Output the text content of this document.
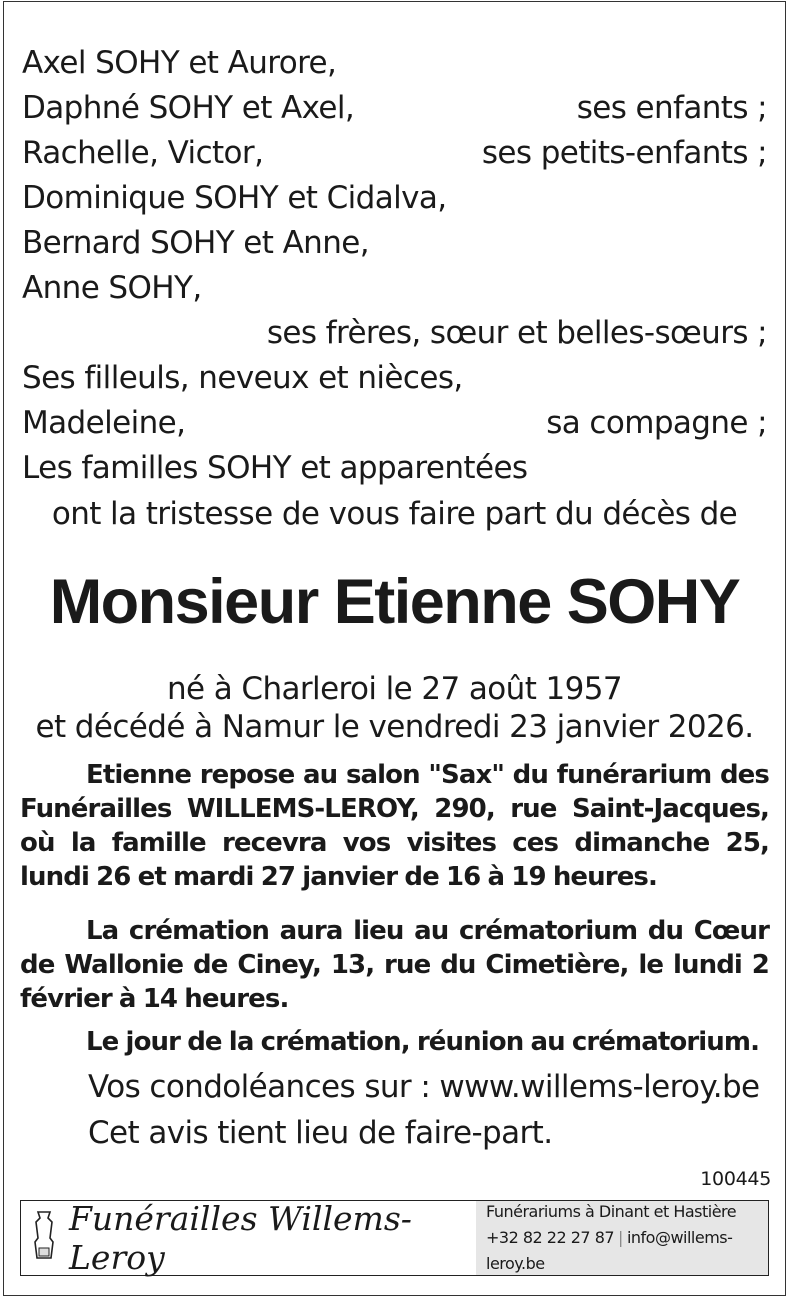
Axel SOHY et Aurore,
Daphné SOHY et Axel,	ses enfants ;
Rachelle, Victor,	ses petits-enfants ;
Dominique SOHY et Cidalva,
Bernard SOHY et Anne,
Anne SOHY,
ses frères, sœur et belles-sœurs ;
Ses filleuls, neveux et nièces,
Madeleine,	sa compagne ;
Les familles SOHY et apparentées
ont la tristesse de vous faire part du décès de
Monsieur Etienne SOHY
né à Charleroi le 27 août 1957
et décédé à Namur le vendredi 23 janvier 2026.
Etienne repose au salon "Sax" du funérarium des Funérailles WILLEMS-LEROY, 290, rue Saint-Jacques, où la famille recevra vos visites ces dimanche 25, lundi 26 et mardi 27 janvier de 16 à 19 heures.
La crémation aura lieu au crématorium du Cœur de Wallonie de Ciney, 13, rue du Cimetière, le lundi 2 février à 14 heures.
Le jour de la crémation, réunion au crématorium.
Vos condoléances sur : www.willems-leroy.be
Cet avis tient lieu de faire-part.
100445
Funérailles Willems-Leroy
Funérariums à Dinant et Hastière
+32 82 22 27 87 | info@willems-leroy.be
